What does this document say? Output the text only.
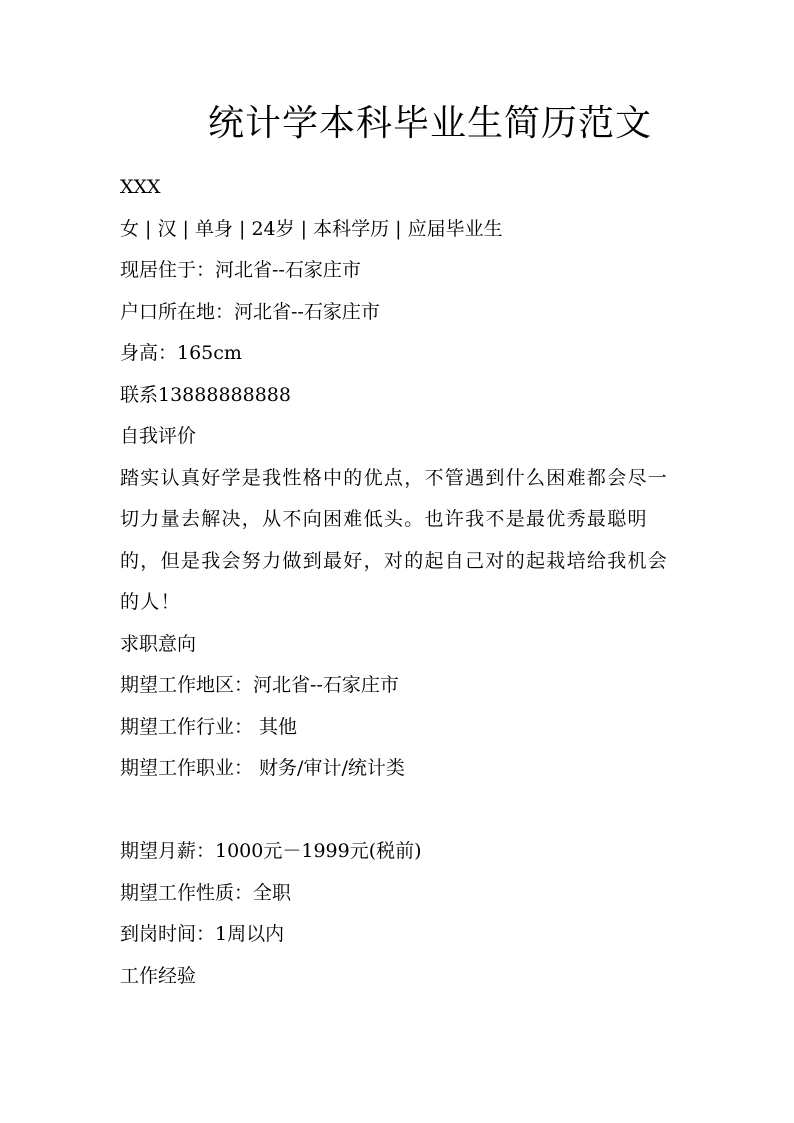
统计学本科毕业生简历范文
XXX
女 | 汉 | 单身 | 24岁 | 本科学历 | 应届毕业生
现居住于：河北省--石家庄市
户口所在地：河北省--石家庄市
身高：165cm
联系13888888888
自我评价
踏实认真好学是我性格中的优点，不管遇到什么困难都会尽一切力量去解决，从不向困难低头。也许我不是最优秀最聪明的，但是我会努力做到最好，对的起自己对的起栽培给我机会的人！
求职意向
期望工作地区：河北省--石家庄市
期望工作行业： 其他
期望工作职业： 财务/审计/统计类
期望月薪：1000元－1999元(税前)
期望工作性质：全职
到岗时间：1周以内
工作经验
